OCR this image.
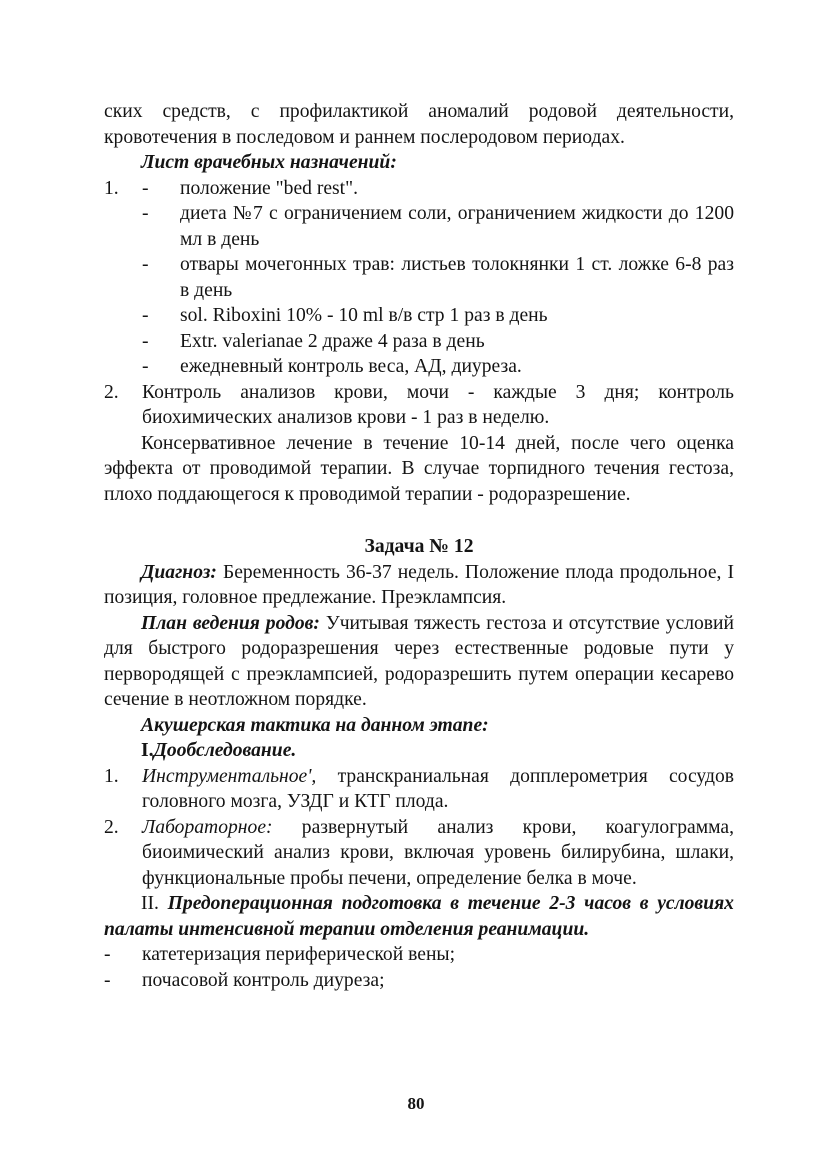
ских средств, с профилактикой аномалий родовой деятельности,

кровотечения в последовом и раннем послеродовом периодах.

Лист врачебных назначений:

1.	-	положение "bed rest".
-	диета №7 с ограничением соли, ограничением жидкости до 1200 мл в день
-	отвары мочегонных трав: листьев толокнянки 1 ст. ложке 6-8 раз в день
-	sol. Riboxini 10% - 10 ml в/в стр 1 раз в день
-	Extr. valerianae 2 драже 4 раза в день
-	ежедневный контроль веса, АД, диуреза.
2.	Контроль анализов крови, мочи - каждые 3 дня; контроль биохимических анализов крови - 1 раз в неделю.

Консервативное лечение в течение 10-14 дней, после чего оценка эффекта от проводимой терапии. В случае торпидного течения гестоза, плохо поддающегося к проводимой терапии - родоразрешение.

Задача № 12

Диагноз: Беременность 36-37 недель. Положение плода продольное, I позиция, головное предлежание. Преэклампсия.

План ведения родов: Учитывая тяжесть гестоза и отсутствие условий для быстрого родоразрешения через естественные родовые пути у первородящей с преэклампсией, родоразрешить путем операции кесарево сечение в неотложном порядке.

Акушерская тактика на данном этапе:

I.Дообследование.

1.	Инструментальное', транскраниальная допплерометрия сосудов головного мозга, УЗДГ и КТГ плода.
2.	Лабораторное: развернутый анализ крови, коагулограмма, биоимический анализ крови, включая уровень билирубина, шлаки, функциональные пробы печени, определение белка в моче.

II. Предоперационная подготовка в течение 2-3 часов в условиях палаты интенсивной терапии отделения реанимации.

-	катетеризация периферической вены;
-	почасовой контроль диуреза;
80
